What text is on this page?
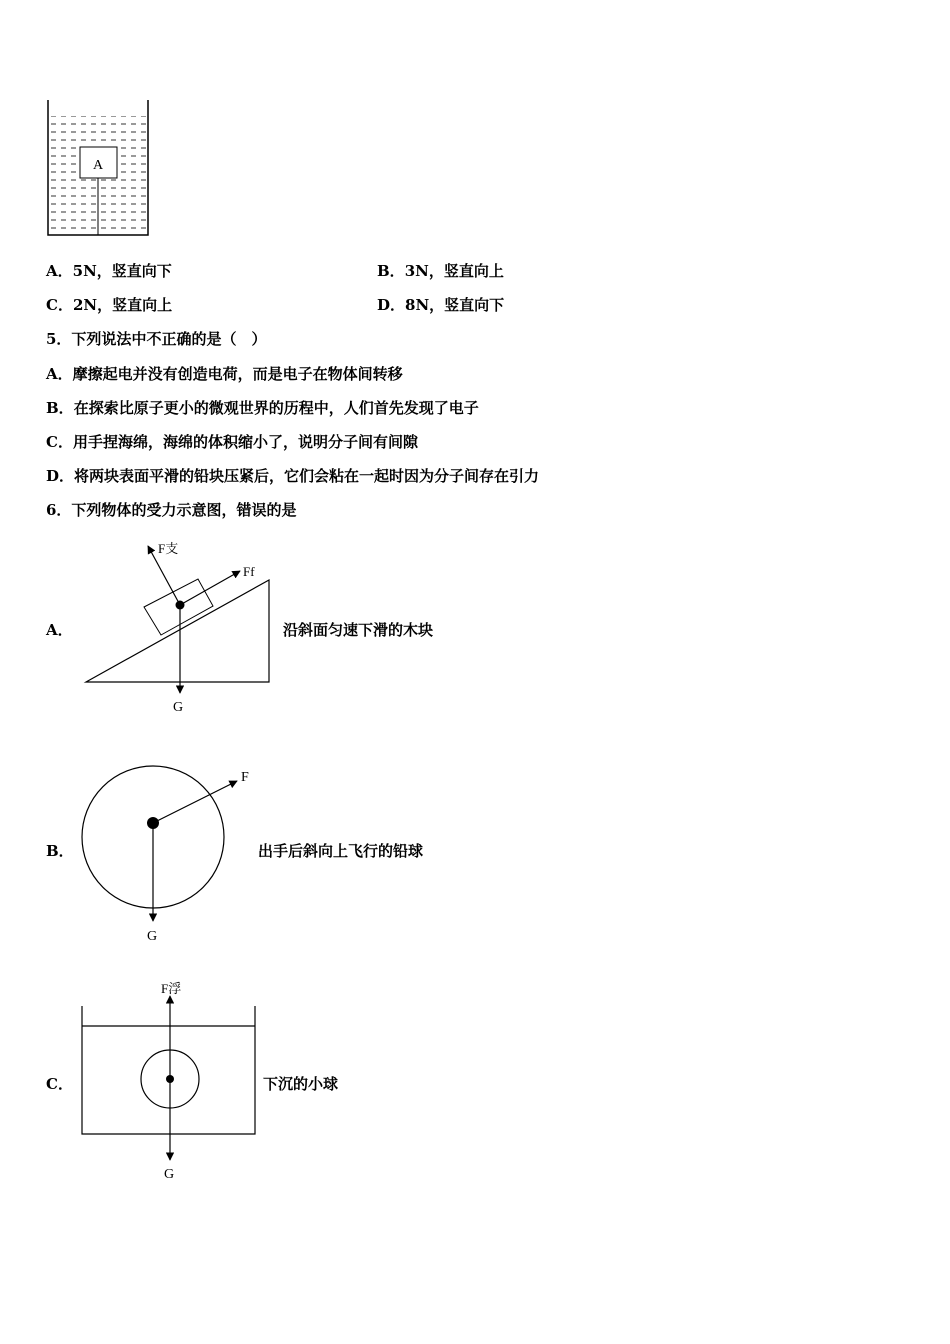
A
A．5N，竖直向下	B．3N，竖直向上
C．2N，竖直向上	D．8N，竖直向下
5．下列说法中不正确的是（　）
A．摩擦起电并没有创造电荷，而是电子在物体间转移
B．在探索比原子更小的微观世界的历程中，人们首先发现了电子
C．用手捏海绵，海绵的体积缩小了，说明分子间有间隙
D．将两块表面平滑的铅块压紧后，它们会粘在一起时因为分子间存在引力
6．下列物体的受力示意图，错误的是
A．
F支
Ff
G
沿斜面匀速下滑的木块
B．
F
G
出手后斜向上飞行的铅球
C．
F浮
G
下沉的小球
